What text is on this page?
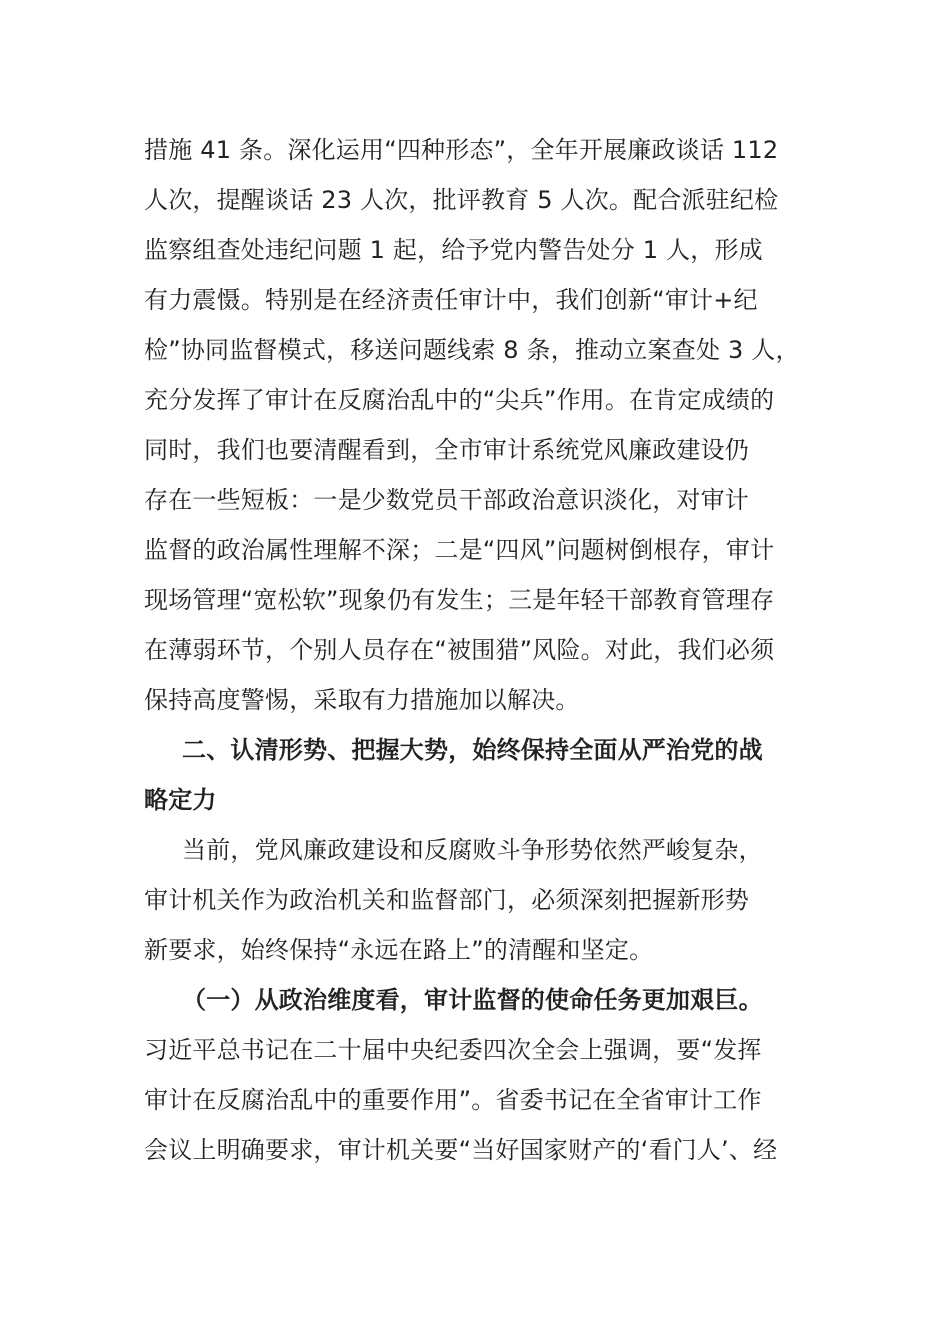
措施 41 条。深化运用“四种形态”，全年开展廉政谈话 112
人次，提醒谈话 23 人次，批评教育 5 人次。配合派驻纪检
监察组查处违纪问题 1 起，给予党内警告处分 1 人，形成
有力震慑。特别是在经济责任审计中，我们创新“审计+纪
检”协同监督模式，移送问题线索 8 条，推动立案查处 3 人，
充分发挥了审计在反腐治乱中的“尖兵”作用。在肯定成绩的
同时，我们也要清醒看到，全市审计系统党风廉政建设仍
存在一些短板：一是少数党员干部政治意识淡化，对审计
监督的政治属性理解不深；二是“四风”问题树倒根存，审计
现场管理“宽松软”现象仍有发生；三是年轻干部教育管理存
在薄弱环节，个别人员存在“被围猎”风险。对此，我们必须
保持高度警惕，采取有力措施加以解决。
二、认清形势、把握大势，始终保持全面从严治党的战
略定力
当前，党风廉政建设和反腐败斗争形势依然严峻复杂，
审计机关作为政治机关和监督部门，必须深刻把握新形势
新要求，始终保持“永远在路上”的清醒和坚定。
（一）从政治维度看，审计监督的使命任务更加艰巨。
习近平总书记在二十届中央纪委四次全会上强调，要“发挥
审计在反腐治乱中的重要作用”。省委书记在全省审计工作
会议上明确要求，审计机关要“当好国家财产的‘看门人’、经
